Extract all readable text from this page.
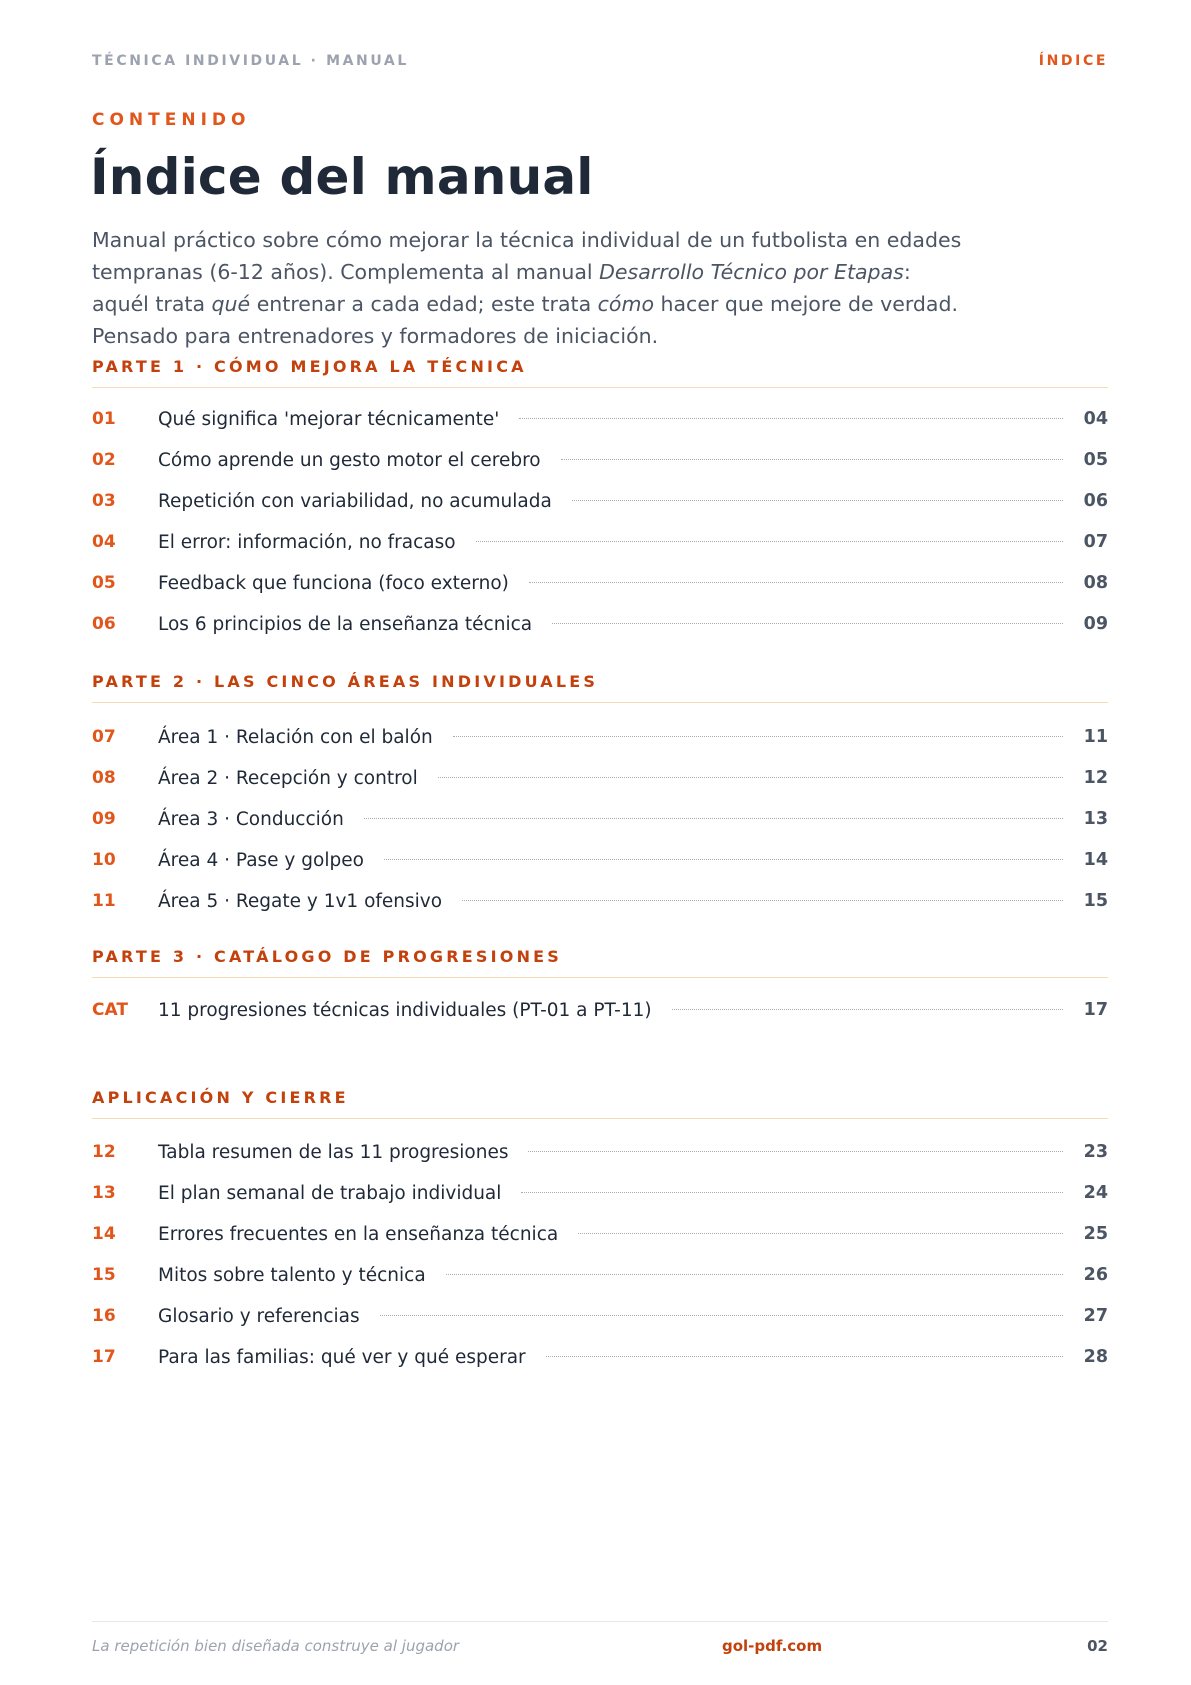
TÉCNICA INDIVIDUAL · MANUAL	ÍNDICE
CONTENIDO
Índice del manual

Manual práctico sobre cómo mejorar la técnica individual de un futbolista en edades tempranas (6-12 años). Complementa al manual Desarrollo Técnico por Etapas: aquél trata qué entrenar a cada edad; este trata cómo hacer que mejore de verdad. Pensado para entrenadores y formadores de iniciación.

PARTE 1 · CÓMO MEJORA LA TÉCNICA
01	Qué significa 'mejorar técnicamente'	04
02	Cómo aprende un gesto motor el cerebro	05
03	Repetición con variabilidad, no acumulada	06
04	El error: información, no fracaso	07
05	Feedback que funciona (foco externo)	08
06	Los 6 principios de la enseñanza técnica	09
PARTE 2 · LAS CINCO ÁREAS INDIVIDUALES
07	Área 1 · Relación con el balón	11
08	Área 2 · Recepción y control	12
09	Área 3 · Conducción	13
10	Área 4 · Pase y golpeo	14
11	Área 5 · Regate y 1v1 ofensivo	15
PARTE 3 · CATÁLOGO DE PROGRESIONES
CAT	11 progresiones técnicas individuales (PT-01 a PT-11)	17
APLICACIÓN Y CIERRE
12	Tabla resumen de las 11 progresiones	23
13	El plan semanal de trabajo individual	24
14	Errores frecuentes en la enseñanza técnica	25
15	Mitos sobre talento y técnica	26
16	Glosario y referencias	27
17	Para las familias: qué ver y qué esperar	28
La repetición bien diseñada construye al jugador	gol-pdf.com	02
